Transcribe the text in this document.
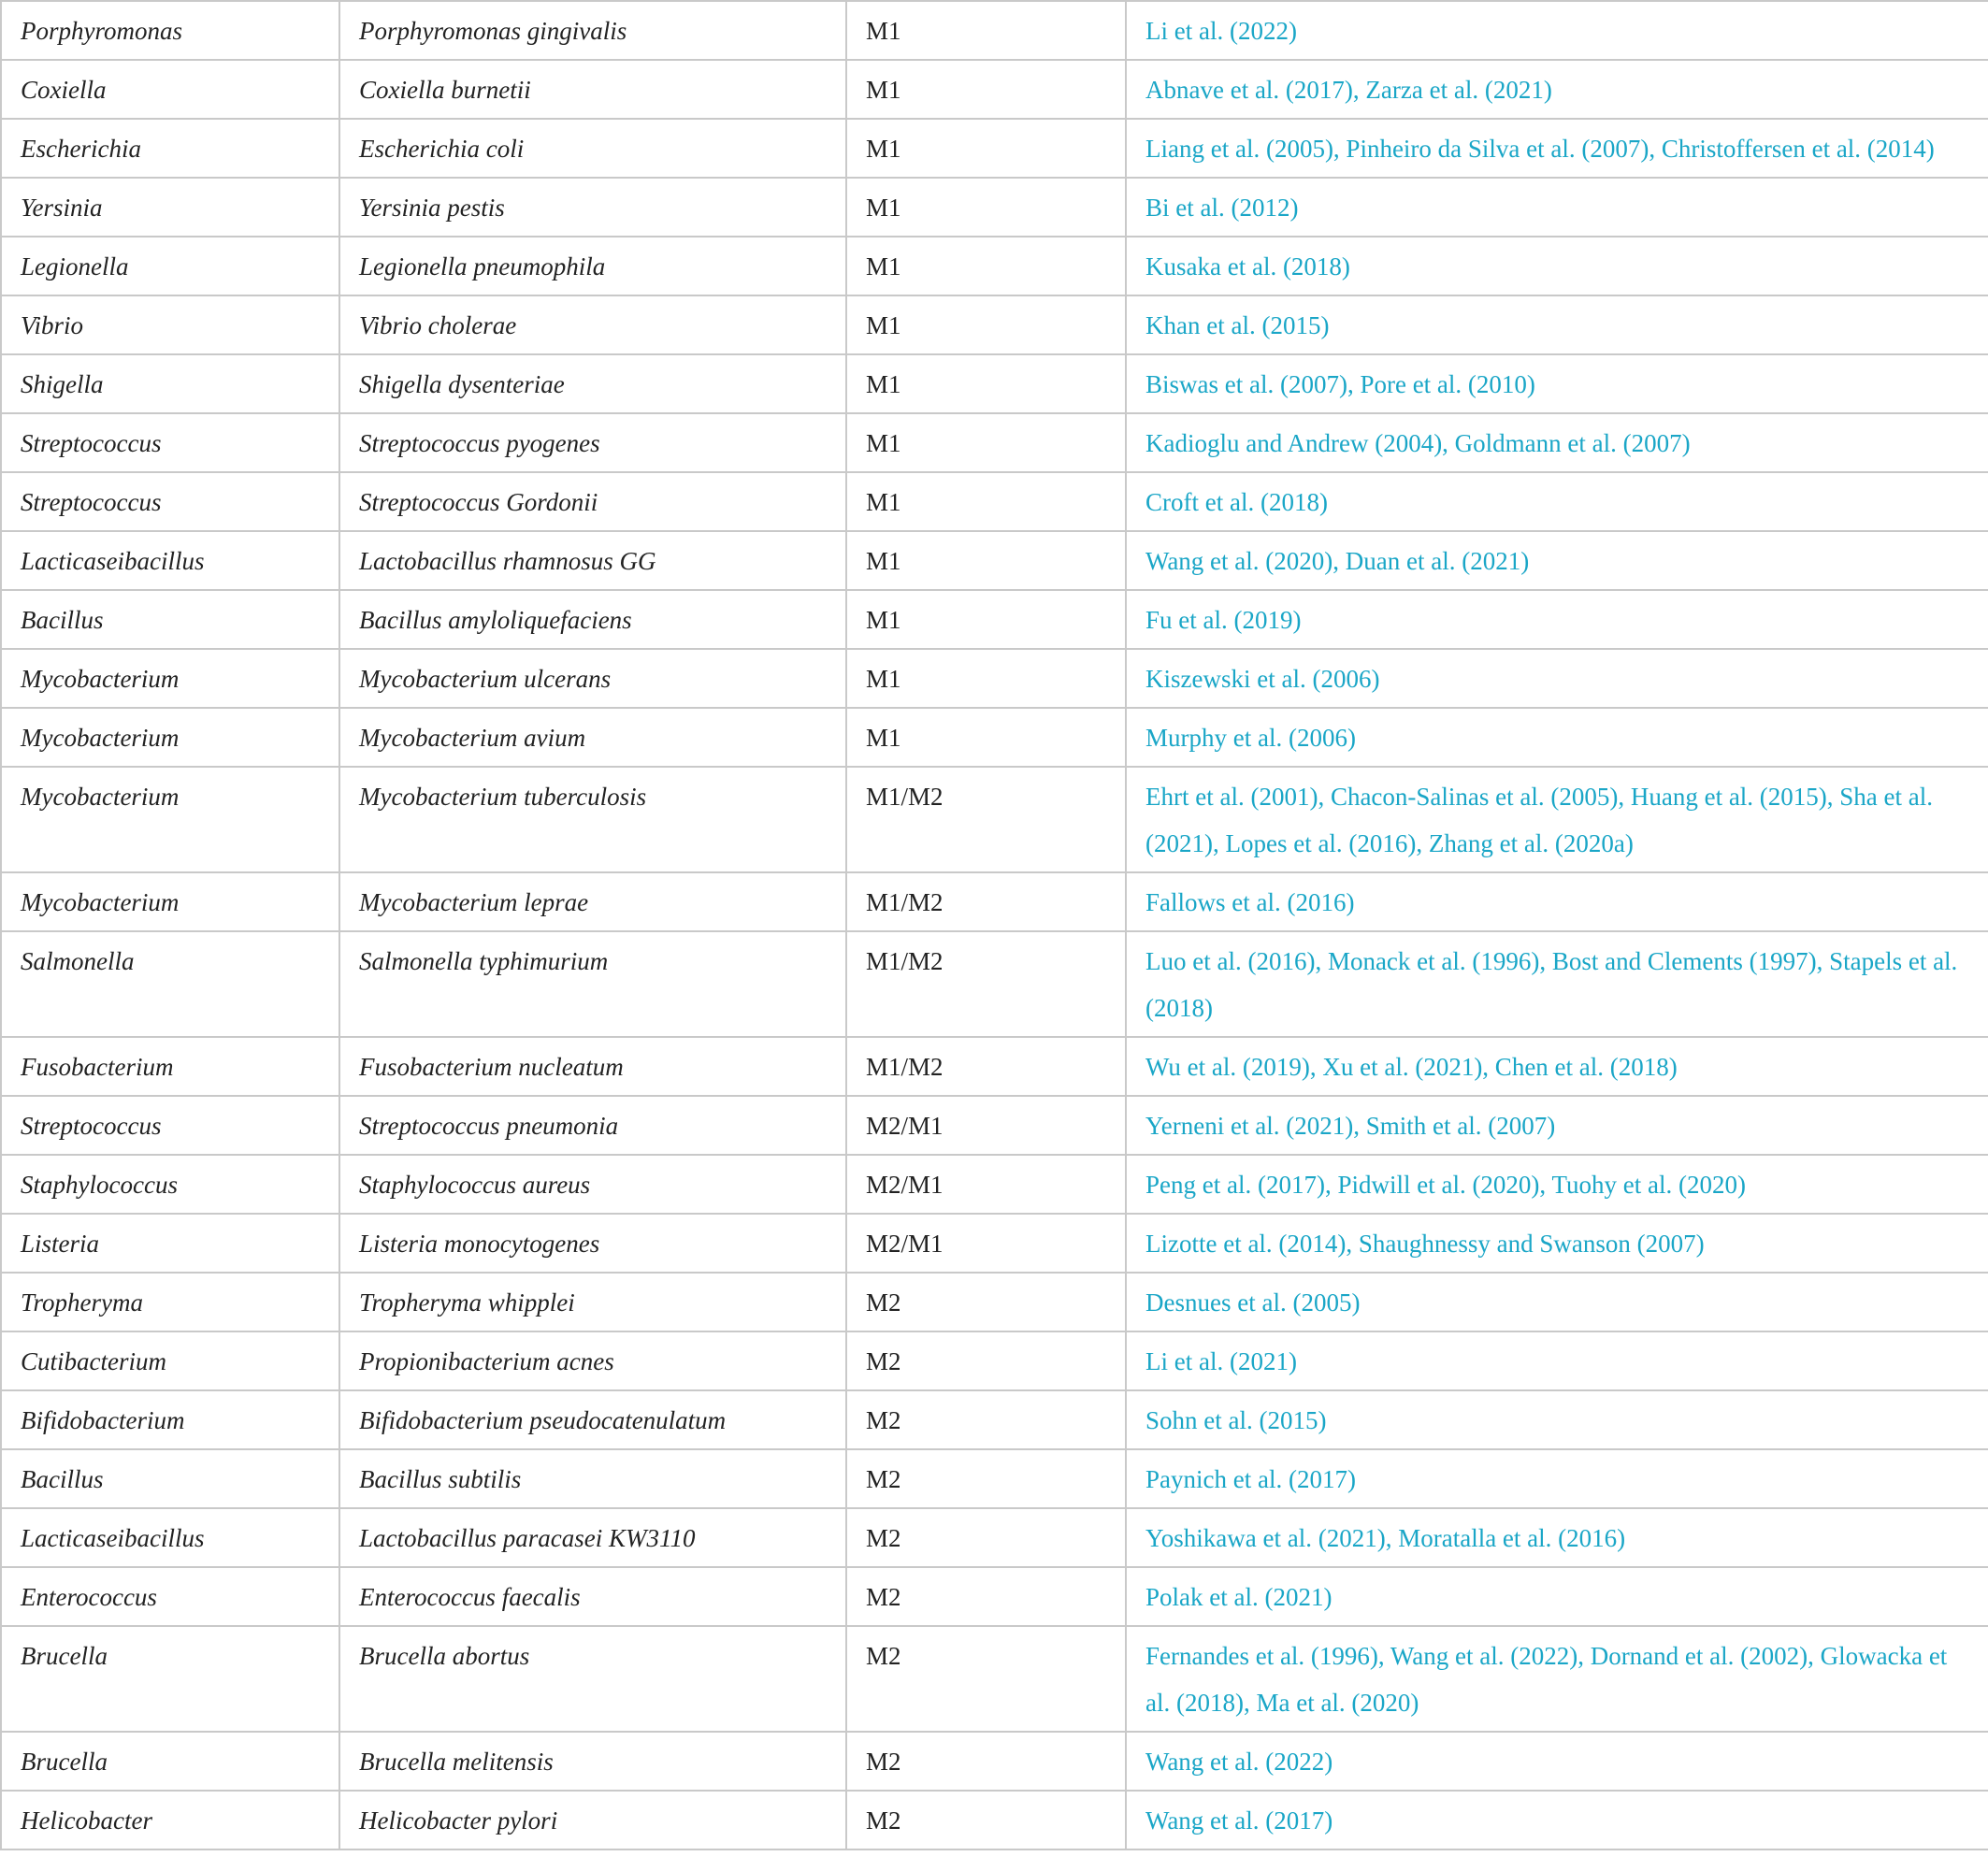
Porphyromonas	Porphyromonas gingivalis	M1	Li et al. (2022)
Coxiella	Coxiella burnetii	M1	Abnave et al. (2017), Zarza et al. (2021)
Escherichia	Escherichia coli	M1	Liang et al. (2005), Pinheiro da Silva et al. (2007), Christoffersen et al. (2014)
Yersinia	Yersinia pestis	M1	Bi et al. (2012)
Legionella	Legionella pneumophila	M1	Kusaka et al. (2018)
Vibrio	Vibrio cholerae	M1	Khan et al. (2015)
Shigella	Shigella dysenteriae	M1	Biswas et al. (2007), Pore et al. (2010)
Streptococcus	Streptococcus pyogenes	M1	Kadioglu and Andrew (2004), Goldmann et al. (2007)
Streptococcus	Streptococcus Gordonii	M1	Croft et al. (2018)
Lacticaseibacillus	Lactobacillus rhamnosus GG	M1	Wang et al. (2020), Duan et al. (2021)
Bacillus	Bacillus amyloliquefaciens	M1	Fu et al. (2019)
Mycobacterium	Mycobacterium ulcerans	M1	Kiszewski et al. (2006)
Mycobacterium	Mycobacterium avium	M1	Murphy et al. (2006)
Mycobacterium	Mycobacterium tuberculosis	M1/M2	Ehrt et al. (2001), Chacon-Salinas et al. (2005), Huang et al. (2015), Sha et al. (2021), Lopes et al. (2016), Zhang et al. (2020a)
Mycobacterium	Mycobacterium leprae	M1/M2	Fallows et al. (2016)
Salmonella	Salmonella typhimurium	M1/M2	Luo et al. (2016), Monack et al. (1996), Bost and Clements (1997), Stapels et al. (2018)
Fusobacterium	Fusobacterium nucleatum	M1/M2	Wu et al. (2019), Xu et al. (2021), Chen et al. (2018)
Streptococcus	Streptococcus pneumonia	M2/M1	Yerneni et al. (2021), Smith et al. (2007)
Staphylococcus	Staphylococcus aureus	M2/M1	Peng et al. (2017), Pidwill et al. (2020), Tuohy et al. (2020)
Listeria	Listeria monocytogenes	M2/M1	Lizotte et al. (2014), Shaughnessy and Swanson (2007)
Tropheryma	Tropheryma whipplei	M2	Desnues et al. (2005)
Cutibacterium	Propionibacterium acnes	M2	Li et al. (2021)
Bifidobacterium	Bifidobacterium pseudocatenulatum	M2	Sohn et al. (2015)
Bacillus	Bacillus subtilis	M2	Paynich et al. (2017)
Lacticaseibacillus	Lactobacillus paracasei KW3110	M2	Yoshikawa et al. (2021), Moratalla et al. (2016)
Enterococcus	Enterococcus faecalis	M2	Polak et al. (2021)
Brucella	Brucella abortus	M2	Fernandes et al. (1996), Wang et al. (2022), Dornand et al. (2002), Glowacka et al. (2018), Ma et al. (2020)
Brucella	Brucella melitensis	M2	Wang et al. (2022)
Helicobacter	Helicobacter pylori	M2	Wang et al. (2017)
